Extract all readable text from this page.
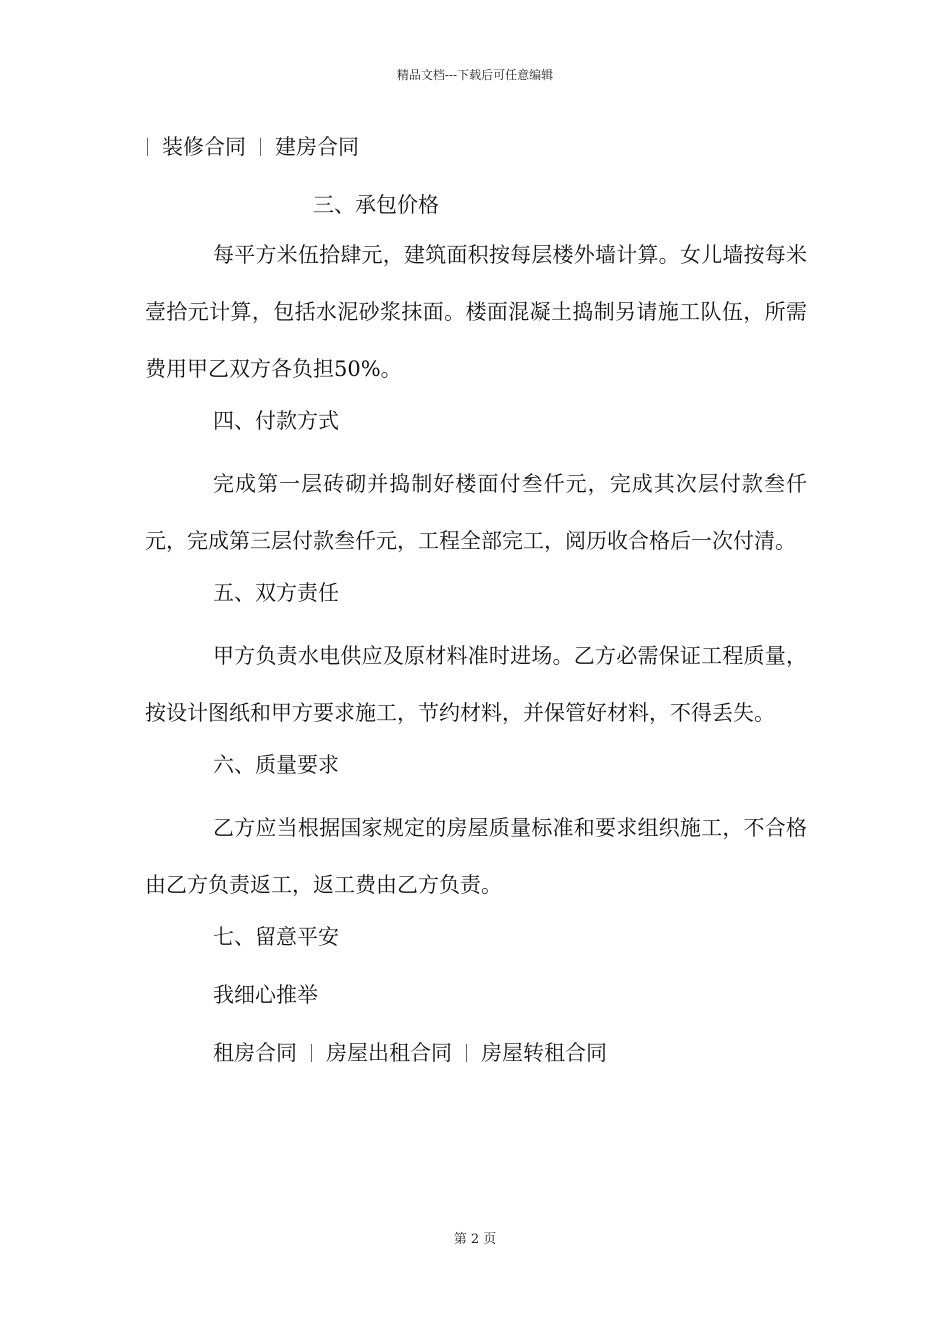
精品文档---下载后可任意编辑
装修合同 建房合同
三、承包价格

每平方米伍拾肆元，建筑面积按每层楼外墙计算。女儿墙按每米壹拾元计算，包括水泥砂浆抹面。楼面混凝土捣制另请施工队伍，所需费用甲乙双方各负担50%。

四、付款方式

完成第一层砖砌并捣制好楼面付叁仟元，完成其次层付款叁仟元，完成第三层付款叁仟元，工程全部完工，阅历收合格后一次付清。

五、双方责任

甲方负责水电供应及原材料准时进场。乙方必需保证工程质量，按设计图纸和甲方要求施工，节约材料，并保管好材料，不得丢失。

六、质量要求

乙方应当根据国家规定的房屋质量标准和要求组织施工，不合格由乙方负责返工，返工费由乙方负责。

七、留意平安
我细心推举
租房合同 房屋出租合同 房屋转租合同
第 2 页
